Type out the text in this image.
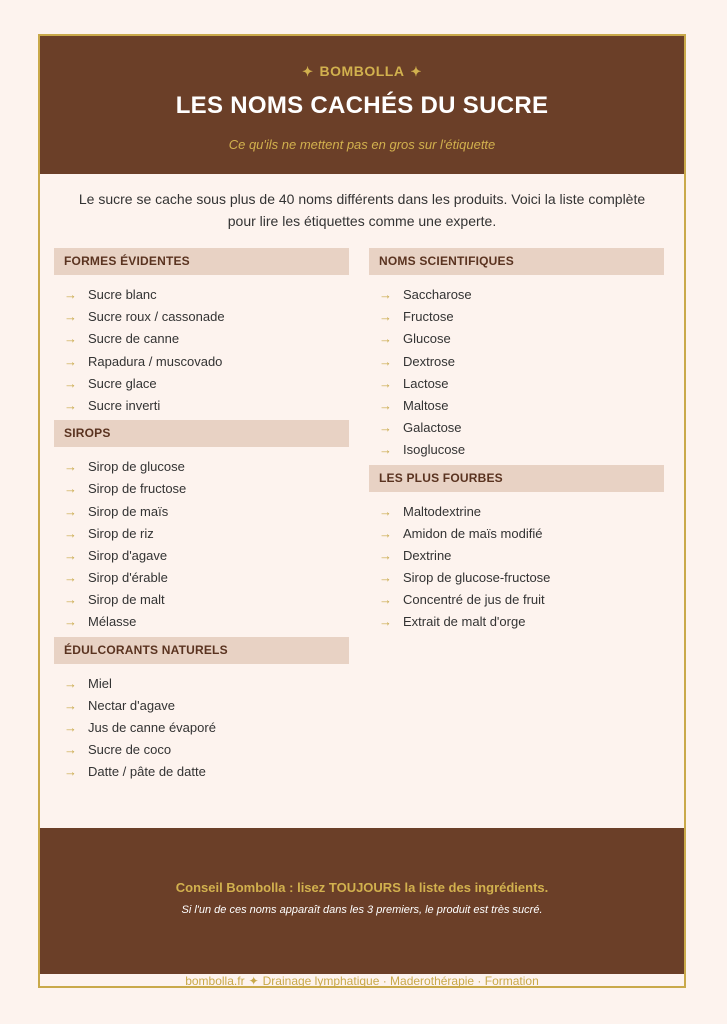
✦ BOMBOLLA ✦
LES NOMS CACHÉS DU SUCRE
Ce qu'ils ne mettent pas en gros sur l'étiquette
Le sucre se cache sous plus de 40 noms différents dans les produits. Voici la liste complète pour lire les étiquettes comme une experte.
FORMES ÉVIDENTES
→ Sucre blanc
→ Sucre roux / cassonade
→ Sucre de canne
→ Rapadura / muscovado
→ Sucre glace
→ Sucre inverti
SIROPS
→ Sirop de glucose
→ Sirop de fructose
→ Sirop de maïs
→ Sirop de riz
→ Sirop d'agave
→ Sirop d'érable
→ Sirop de malt
→ Mélasse
ÉDULCORANTS NATURELS
→ Miel
→ Nectar d'agave
→ Jus de canne évaporé
→ Sucre de coco
→ Datte / pâte de datte
NOMS SCIENTIFIQUES
→ Saccharose
→ Fructose
→ Glucose
→ Dextrose
→ Lactose
→ Maltose
→ Galactose
→ Isoglucose
LES PLUS FOURBES
→ Maltodextrine
→ Amidon de maïs modifié
→ Dextrine
→ Sirop de glucose-fructose
→ Concentré de jus de fruit
→ Extrait de malt d'orge
Conseil Bombolla : lisez TOUJOURS la liste des ingrédients.
Si l'un de ces noms apparaît dans les 3 premiers, le produit est très sucré.
bombolla.fr ✦ Drainage lymphatique · Maderothérapie · Formation
